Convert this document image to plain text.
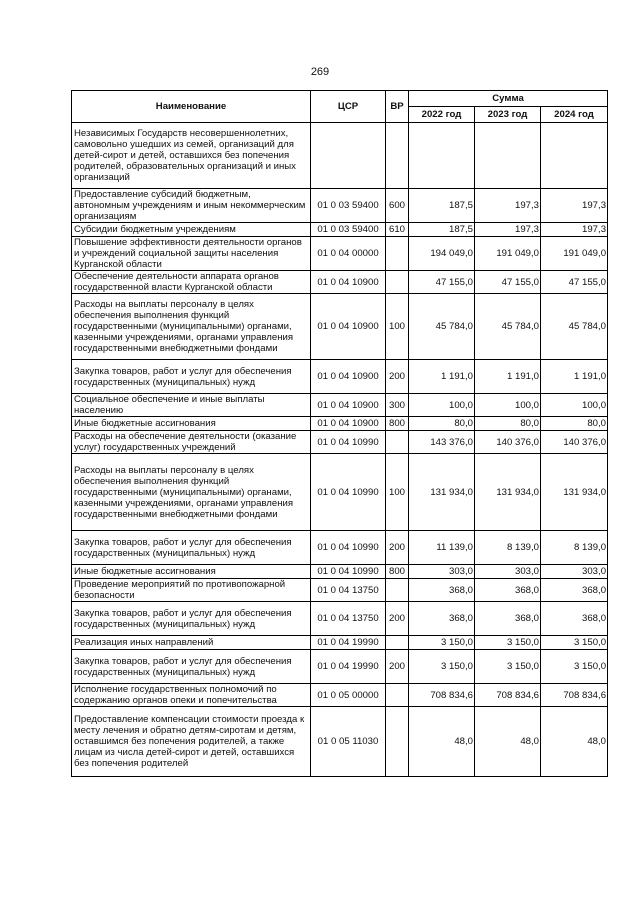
269
Наименование	ЦСР	ВР	Сумма		
			2022 год	2023 год	2024 год
Независимых Государств несовершеннолетних, самовольно ушедших из семей, организаций для детей-сирот и детей, оставшихся без попечения родителей, образовательных организаций и иных организаций					
Предоставление субсидий бюджетным, автономным учреждениям и иным некоммерческим организациям	01 0 03 59400	600	187,5	197,3	197,3
Субсидии бюджетным учреждениям	01 0 03 59400	610	187,5	197,3	197,3
Повышение эффективности деятельности органов и учреждений социальной защиты населения Курганской области	01 0 04 00000		194 049,0	191 049,0	191 049,0
Обеспечение деятельности аппарата органов государственной власти Курганской области	01 0 04 10900		47 155,0	47 155,0	47 155,0
Расходы на выплаты персоналу в целях обеспечения выполнения функций государственными (муниципальными) органами, казенными учреждениями, органами управления государственными внебюджетными фондами	01 0 04 10900	100	45 784,0	45 784,0	45 784,0
Закупка товаров, работ и услуг для обеспечения государственных (муниципальных) нужд	01 0 04 10900	200	1 191,0	1 191,0	1 191,0
Социальное обеспечение и иные выплаты населению	01 0 04 10900	300	100,0	100,0	100,0
Иные бюджетные ассигнования	01 0 04 10900	800	80,0	80,0	80,0
Расходы на обеспечение деятельности (оказание услуг) государственных учреждений	01 0 04 10990		143 376,0	140 376,0	140 376,0
Расходы на выплаты персоналу в целях обеспечения выполнения функций государственными (муниципальными) органами, казенными учреждениями, органами управления государственными внебюджетными фондами	01 0 04 10990	100	131 934,0	131 934,0	131 934,0
Закупка товаров, работ и услуг для обеспечения государственных (муниципальных) нужд	01 0 04 10990	200	11 139,0	8 139,0	8 139,0
Иные бюджетные ассигнования	01 0 04 10990	800	303,0	303,0	303,0
Проведение мероприятий по противопожарной безопасности	01 0 04 13750		368,0	368,0	368,0
Закупка товаров, работ и услуг для обеспечения государственных (муниципальных) нужд	01 0 04 13750	200	368,0	368,0	368,0
Реализация иных направлений	01 0 04 19990		3 150,0	3 150,0	3 150,0
Закупка товаров, работ и услуг для обеспечения государственных (муниципальных) нужд	01 0 04 19990	200	3 150,0	3 150,0	3 150,0
Исполнение государственных полномочий по содержанию органов опеки и попечительства	01 0 05 00000		708 834,6	708 834,6	708 834,6
Предоставление компенсации стоимости проезда к месту лечения и обратно детям-сиротам и детям, оставшимся без попечения родителей, а также лицам из числа детей-сирот и детей, оставшихся без попечения родителей	01 0 05 11030		48,0	48,0	48,0
